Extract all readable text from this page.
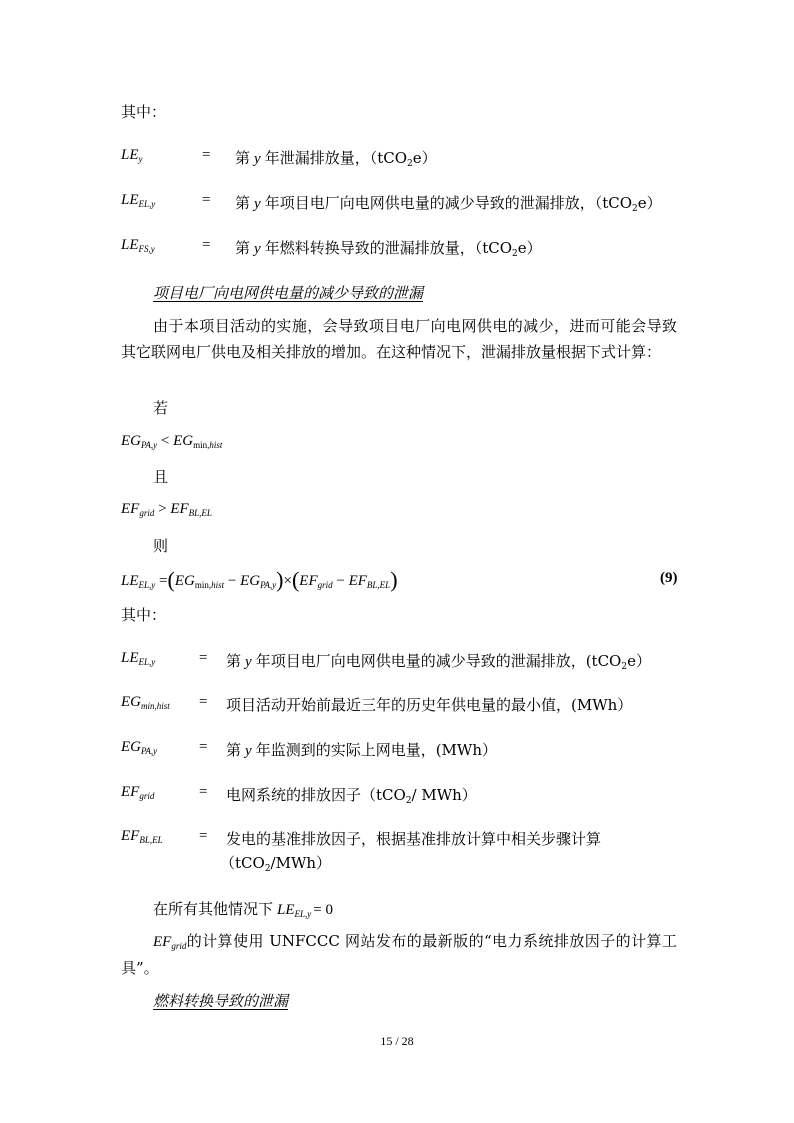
其中：
$LE_y$	= 第 y 年泄漏排放量，（tCO$_2$e）
$LE_{EL,y}$	= 第 y 年项目电厂向电网供电量的减少导致的泄漏排放，（tCO$_2$e）
$LE_{FS,y}$	= 第 y 年燃料转换导致的泄漏排放量，（tCO$_2$e）
项目电厂向电网供电量的减少导致的泄漏
由于本项目活动的实施，会导致项目电厂向电网供电的减少，进而可能会导致其它联网电厂供电及相关排放的增加。在这种情况下，泄漏排放量根据下式计算：
若
$EG_{PA,y} < EG_{min,hist}$
且
$EF_{grid} > EF_{BL,EL}$
则
$LE_{EL,y} =(EG_{min,hist} - EG_{PA,y})\times(EF_{grid} - EF_{BL,EL})$	(9)
其中：
$LE_{EL,y}$	= 第 y 年项目电厂向电网供电量的减少导致的泄漏排放，(tCO$_2$e）
$EG_{min,hist}$ = 项目活动开始前最近三年的历史年供电量的最小值，(MWh）
$EG_{PA,y}$	= 第 y 年监测到的实际上网电量，(MWh）
$EF_{grid}$	= 电网系统的排放因子（tCO$_2$/ MWh）
$EF_{BL,EL}$ = 发电的基准排放因子，根据基准排放计算中相关步骤计算
（tCO$_2$/MWh）
在所有其他情况下 $LE_{EL,y} = 0$
$EF_{grid}$的计算使用 UNFCCC 网站发布的最新版的“电力系统排放因子的计算工具”。
燃料转换导致的泄漏
15 / 28
